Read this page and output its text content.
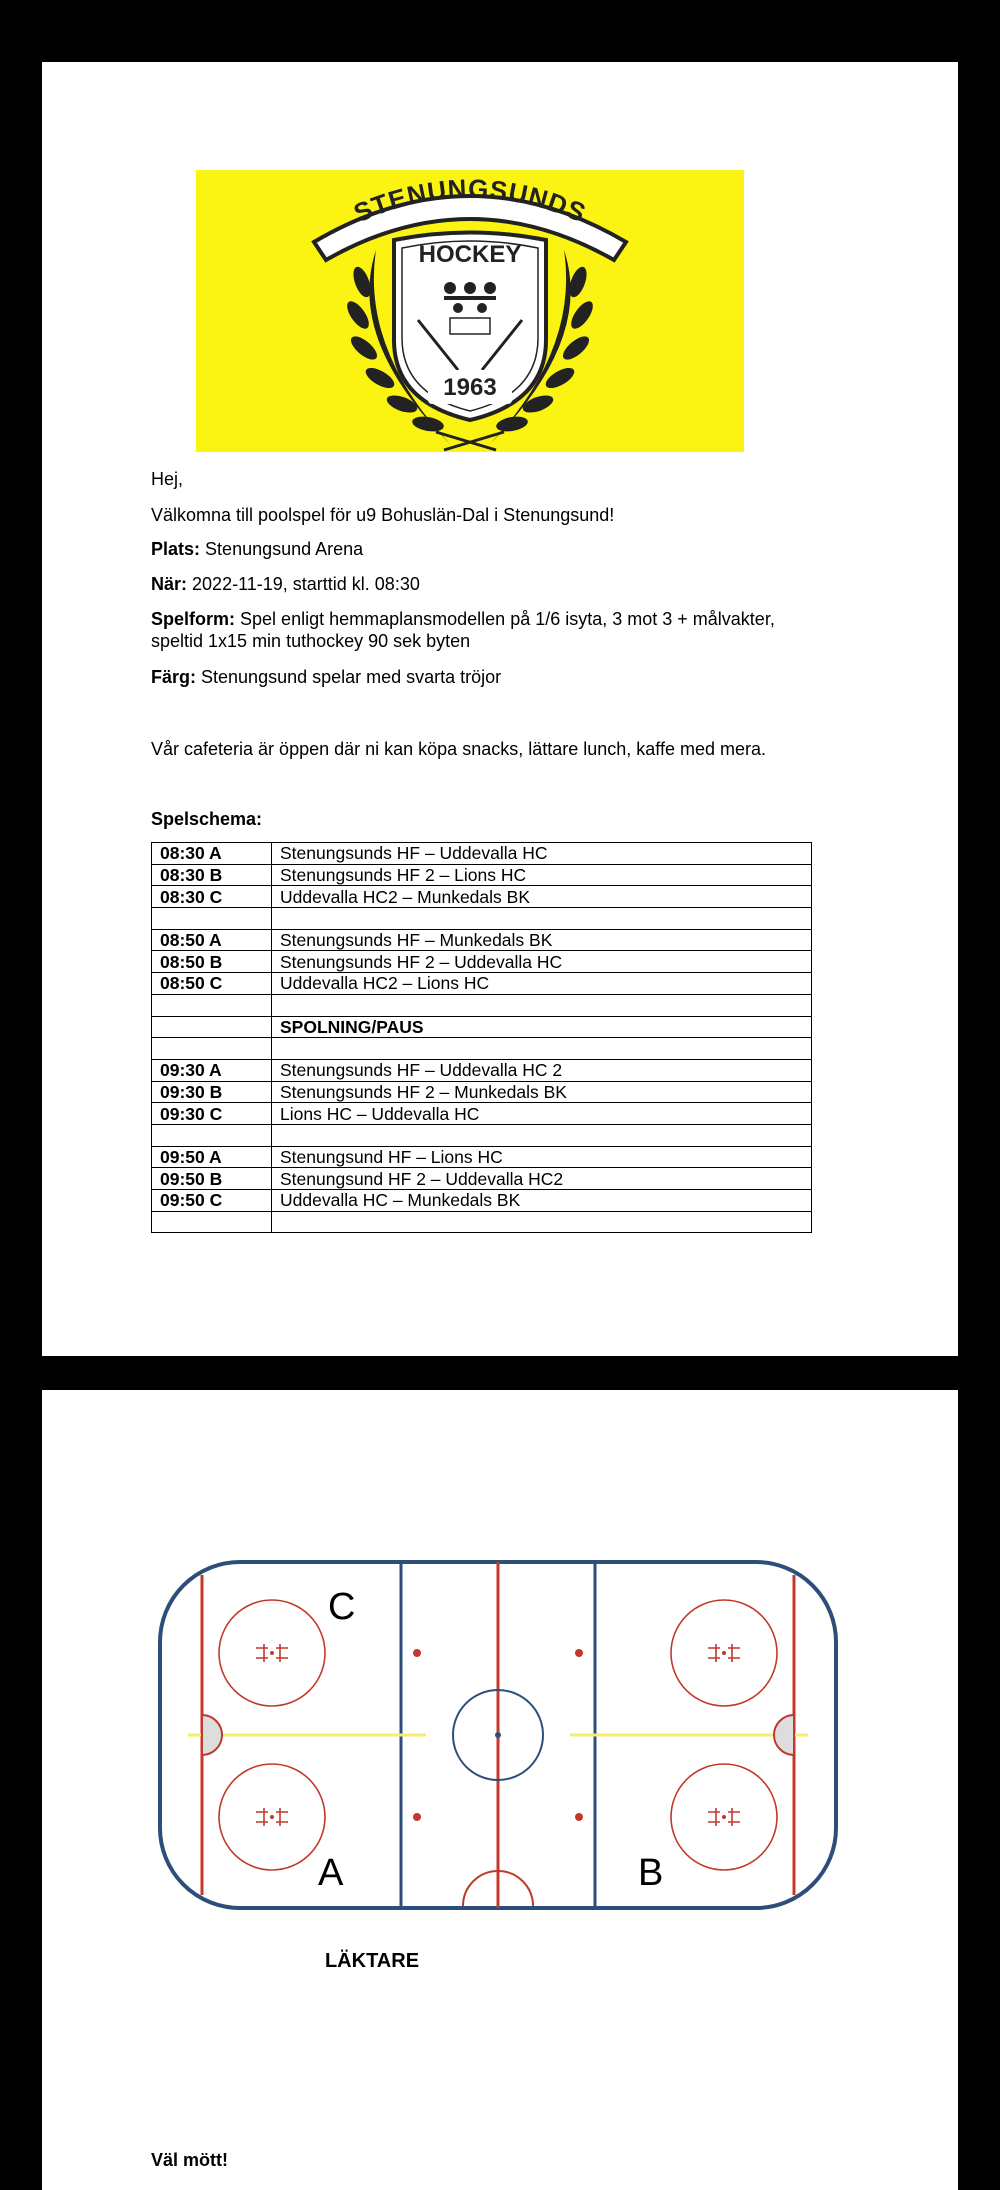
STENUNGSUNDS
HOCKEY
1963
Hej,
Välkomna till poolspel för u9 Bohuslän-Dal i Stenungsund!
Plats: Stenungsund Arena
När: 2022-11-19, starttid kl. 08:30
Spelform: Spel enligt hemmaplansmodellen på 1/6 isyta, 3 mot 3 + målvakter,
speltid 1x15 min tuthockey 90 sek byten
Färg: Stenungsund spelar med svarta tröjor
Vår cafeteria är öppen där ni kan köpa snacks, lättare lunch, kaffe med mera.
Spelschema:
08:30 A	Stenungsunds HF – Uddevalla HC
08:30 B	Stenungsunds HF 2 – Lions HC
08:30 C	Uddevalla HC2 – Munkedals BK

08:50 A	Stenungsunds HF – Munkedals BK
08:50 B	Stenungsunds HF 2 – Uddevalla HC
08:50 C	Uddevalla HC2 – Lions HC

	SPOLNING/PAUS

09:30 A	Stenungsunds HF – Uddevalla HC 2
09:30 B	Stenungsunds HF 2 – Munkedals BK
09:30 C	Lions HC – Uddevalla HC

09:50 A	Stenungsund HF – Lions HC
09:50 B	Stenungsund HF 2 – Uddevalla HC2
09:50 C	Uddevalla HC – Munkedals BK

C
A	B
LÄKTARE
Väl mött!
